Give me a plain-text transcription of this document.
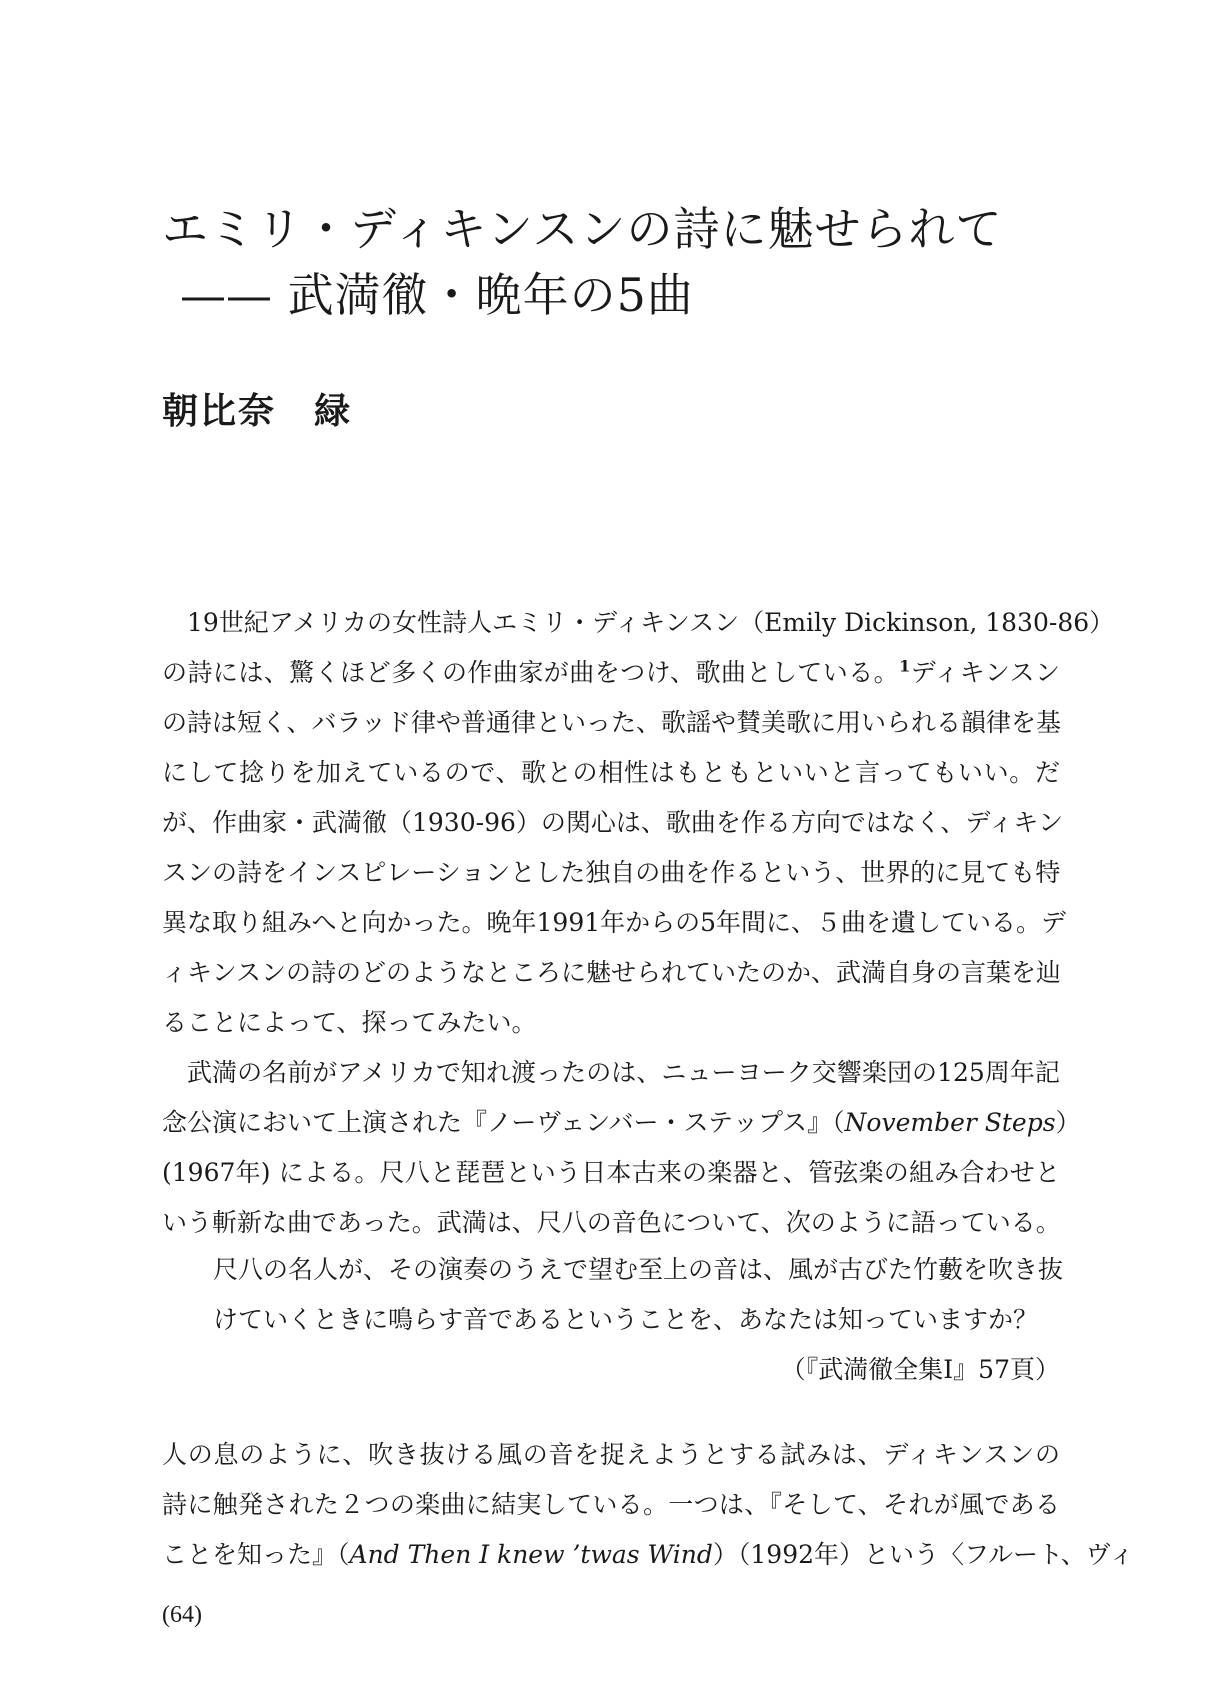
エミリ・ディキンスンの詩に魅せられて
—— 武満徹・晩年の5曲
朝比奈　緑
19世紀アメリカの女性詩人エミリ・ディキンスン（Emily Dickinson, 1830-86）
の詩には、驚くほど多くの作曲家が曲をつけ、歌曲としている。$^1$ディキンスン
の詩は短く、バラッド律や普通律といった、歌謡や賛美歌に用いられる韻律を基
にして捻りを加えているので、歌との相性はもともといいと言ってもいい。だ
が、作曲家・武満徹（1930-96）の関心は、歌曲を作る方向ではなく、ディキン
スンの詩をインスピレーションとした独自の曲を作るという、世界的に見ても特
異な取り組みへと向かった。晩年1991年からの5年間に、５曲を遺している。デ
ィキンスンの詩のどのようなところに魅せられていたのか、武満自身の言葉を辿
ることによって、探ってみたい。
武満の名前がアメリカで知れ渡ったのは、ニューヨーク交響楽団の125周年記
念公演において上演された『ノーヴェンバー・ステップス』（November Steps）
(1967年) による。尺八と琵琶という日本古来の楽器と、管弦楽の組み合わせと
いう斬新な曲であった。武満は、尺八の音色について、次のように語っている。
尺八の名人が、その演奏のうえで望む至上の音は、風が古びた竹藪を吹き抜
けていくときに鳴らす音であるということを、あなたは知っていますか？
（『武満徹全集I』57頁）
人の息のように、吹き抜ける風の音を捉えようとする試みは、ディキンスンの
詩に触発された２つの楽曲に結実している。一つは、『そして、それが風である
ことを知った』（And Then I knew ’twas Wind）（1992年）という〈フルート、ヴィ
(64)
